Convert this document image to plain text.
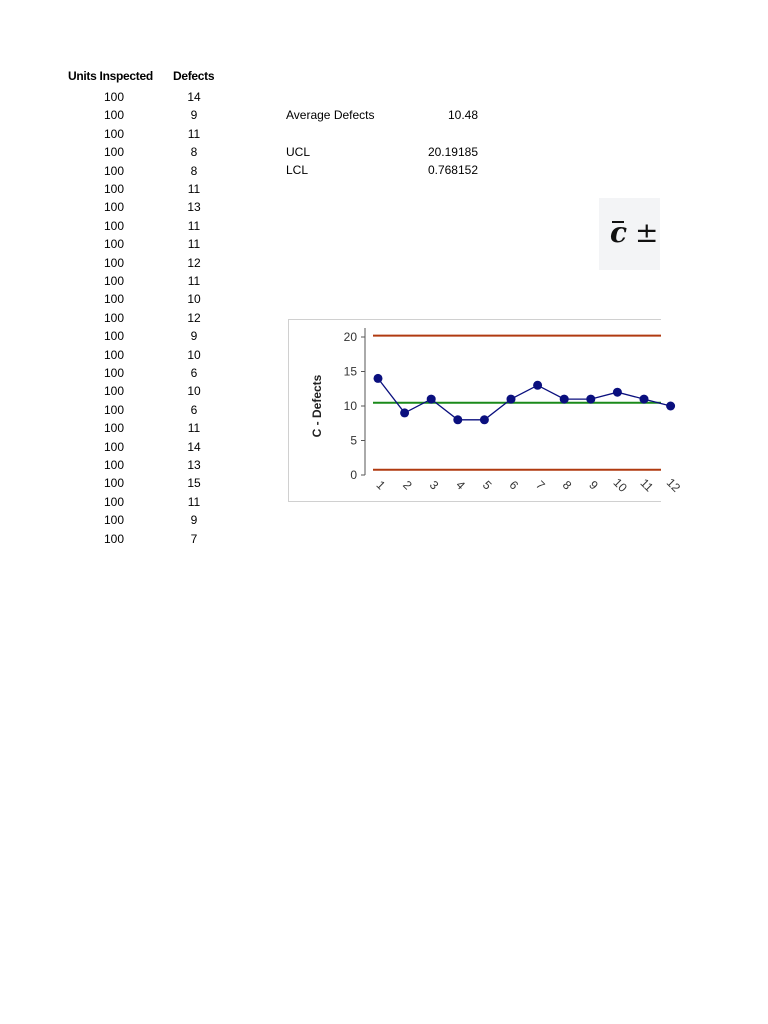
Units Inspected Defects
100	14
100	9
100	11
100	8
100	8
100	11
100	13
100	11
100	11
100	12
100	11
100	10
100	12
100	9
100	10
100	6
100	10
100	6
100	11
100	14
100	13
100	15
100	11
100	9
100	7
Average Defects	10.48
UCL	20.19185
LCL	0.768152
c ±
0
5
10
15
20
C - Defects
1 2 3 4 5 6 7 8 9 10 11 12
